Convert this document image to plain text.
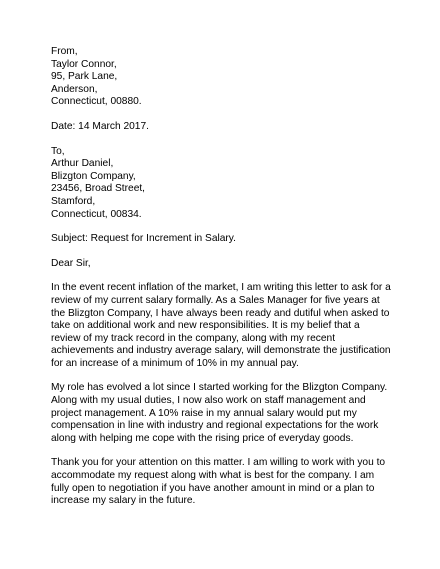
From,
Taylor Connor,
95, Park Lane,
Anderson,
Connecticut, 00880.
Date: 14 March 2017.
To,
Arthur Daniel,
Blizgton Company,
23456, Broad Street,
Stamford,
Connecticut, 00834.
Subject: Request for Increment in Salary.
Dear Sir,

In the event recent inflation of the market, I am writing this letter to ask for a
review of my current salary formally. As a Sales Manager for five years at
the Blizgton Company, I have always been ready and dutiful when asked to
take on additional work and new responsibilities. It is my belief that a
review of my track record in the company, along with my recent
achievements and industry average salary, will demonstrate the justification
for an increase of a minimum of 10% in my annual pay.

My role has evolved a lot since I started working for the Blizgton Company.
Along with my usual duties, I now also work on staff management and
project management. A 10% raise in my annual salary would put my
compensation in line with industry and regional expectations for the work
along with helping me cope with the rising price of everyday goods.

Thank you for your attention on this matter. I am willing to work with you to
accommodate my request along with what is best for the company. I am
fully open to negotiation if you have another amount in mind or a plan to
increase my salary in the future.
